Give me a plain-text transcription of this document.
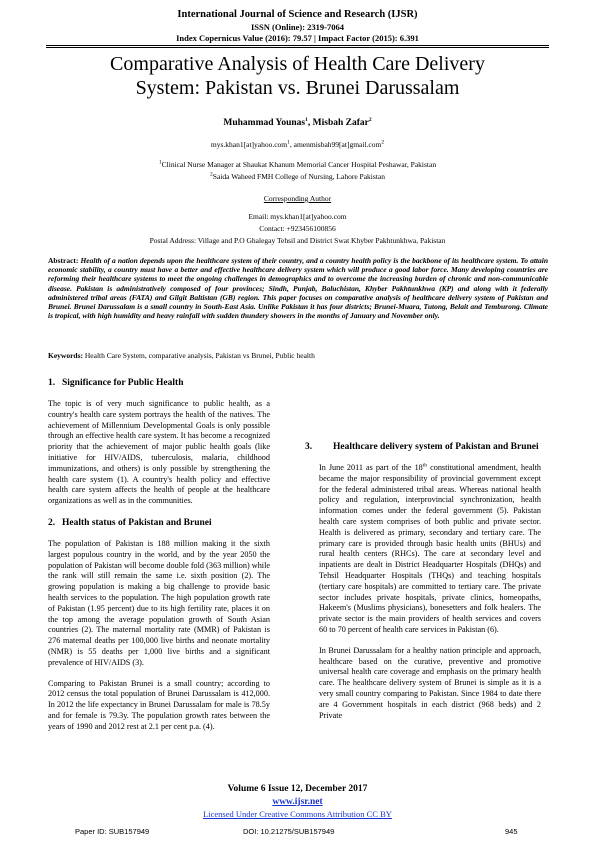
International Journal of Science and Research (IJSR)
ISSN (Online): 2319-7064
Index Copernicus Value (2016): 79.57 | Impact Factor (2015): 6.391
Comparative Analysis of Health Care Delivery
System: Pakistan vs. Brunei Darussalam
Muhammad Younas$^1$, Misbah Zafar$^2$
mys.khan1[at]yahoo.com$^1$, amenmisbah99[at]gmail.com$^2$
$^1$Clinical Nurse Manager at Shaukat Khanum Memorial Cancer Hospital Peshawar, Pakistan
$^2$Saida Waheed FMH College of Nursing, Lahore Pakistan
Corresponding Author
Email: mys.khan1[at]yahoo.com
Contact: +923456100856
Postal Address: Village and P.O Ghalegay Tehsil and District Swat Khyber Pakhtunkhwa, Pakistan
Abstract: Health of a nation depends upon the healthcare system of their country, and a country health policy is the backbone of its healthcare system. To attain economic stability, a country must have a better and effective healthcare delivery system which will produce a good labor force. Many developing countries are reforming their healthcare systems to meet the ongoing challenges in demographics and to overcome the increasing burden of chronic and non-communicable disease. Pakistan is administratively composed of four provinces; Sindh, Punjab, Baluchistan, Khyber Pakhtunkhwa (KP) and along with it federally administered tribal areas (FATA) and Gilgit Baltistan (GB) region. This paper focuses on comparative analysis of healthcare delivery system of Pakistan and Brunei. Brunei Darussalam is a small country in South-East Asia. Unlike Pakistan it has four districts; Brunei-Muara, Tutong, Belait and Temburong. Climate is tropical, with high humidity and heavy rainfall with sudden thundery showers in the months of January and November only.
Keywords: Health Care System, comparative analysis, Pakistan vs Brunei, Public health
1. Significance for Public Health

The topic is of very much significance to public health, as a country's health care system portrays the health of the natives. The achievement of Millennium Developmental Goals is only possible through an effective health care system. It has become a recognized priority that the achievement of major public health goals (like initiative for HIV/AIDS, tuberculosis, malaria, childhood immunizations, and others) is only possible by strengthening the health care system (1). A country's health policy and effective health care system affects the health of people at the healthcare organizations as well as in the communities.

2. Health status of Pakistan and Brunei

The population of Pakistan is 188 million making it the sixth largest populous country in the world, and by the year 2050 the population of Pakistan will become double fold (363 million) while the rank will still remain the same i.e. sixth position (2). The growing population is making a big challenge to provide basic health services to the population. The high population growth rate of Pakistan (1.95 percent) due to its high fertility rate, places it on the top among the average population growth of South Asian countries (2). The maternal mortality rate (MMR) of Pakistan is 276 maternal deaths per 100,000 live births and neonate mortality (NMR) is 55 deaths per 1,000 live births and a significant prevalence of HIV/AIDS (3).

Comparing to Pakistan Brunei is a small country; according to 2012 census the total population of Brunei Darussalam is 412,000. In 2012 the life expectancy in Brunei Darussalam for male is 78.5y and for female is 79.3y. The population growth rates between the years of 1990 and 2012 rest at 2.1 per cent p.a. (4).

3. Healthcare delivery system of Pakistan and Brunei

In June 2011 as part of the 18th constitutional amendment, health became the major responsibility of provincial government except for the federal administered tribal areas. Whereas national health policy and regulation, interprovincial synchronization, health information comes under the federal government (5). Pakistan health care system comprises of both public and private sector. Health is delivered as primary, secondary and tertiary care. The primary care is provided through basic health units (BHUs) and rural health centers (RHCs). The care at secondary level and inpatients are dealt in District Headquarter Hospitals (DHQs) and Tehsil Headquarter Hospitals (THQs) and teaching hospitals (tertiary care hospitals) are committed to tertiary care. The private sector includes private hospitals, private clinics, homeopaths, Hakeem's (Muslims physicians), bonesetters and folk healers. The private sector is the main providers of health services and covers 60 to 70 percent of health care services in Pakistan (6).

In Brunei Darussalam for a healthy nation principle and approach, healthcare based on the curative, preventive and promotive universal health care coverage and emphasis on the primary health care. The healthcare delivery system of Brunei is simple as it is a very small country comparing to Pakistan. Since 1984 to date there are 4 Government hospitals in each district (968 beds) and 2 Private

Volume 6 Issue 12, December 2017
www.ijsr.net
Licensed Under Creative Commons Attribution CC BY
Paper ID: SUB157949	DOI: 10.21275/SUB157949	945
